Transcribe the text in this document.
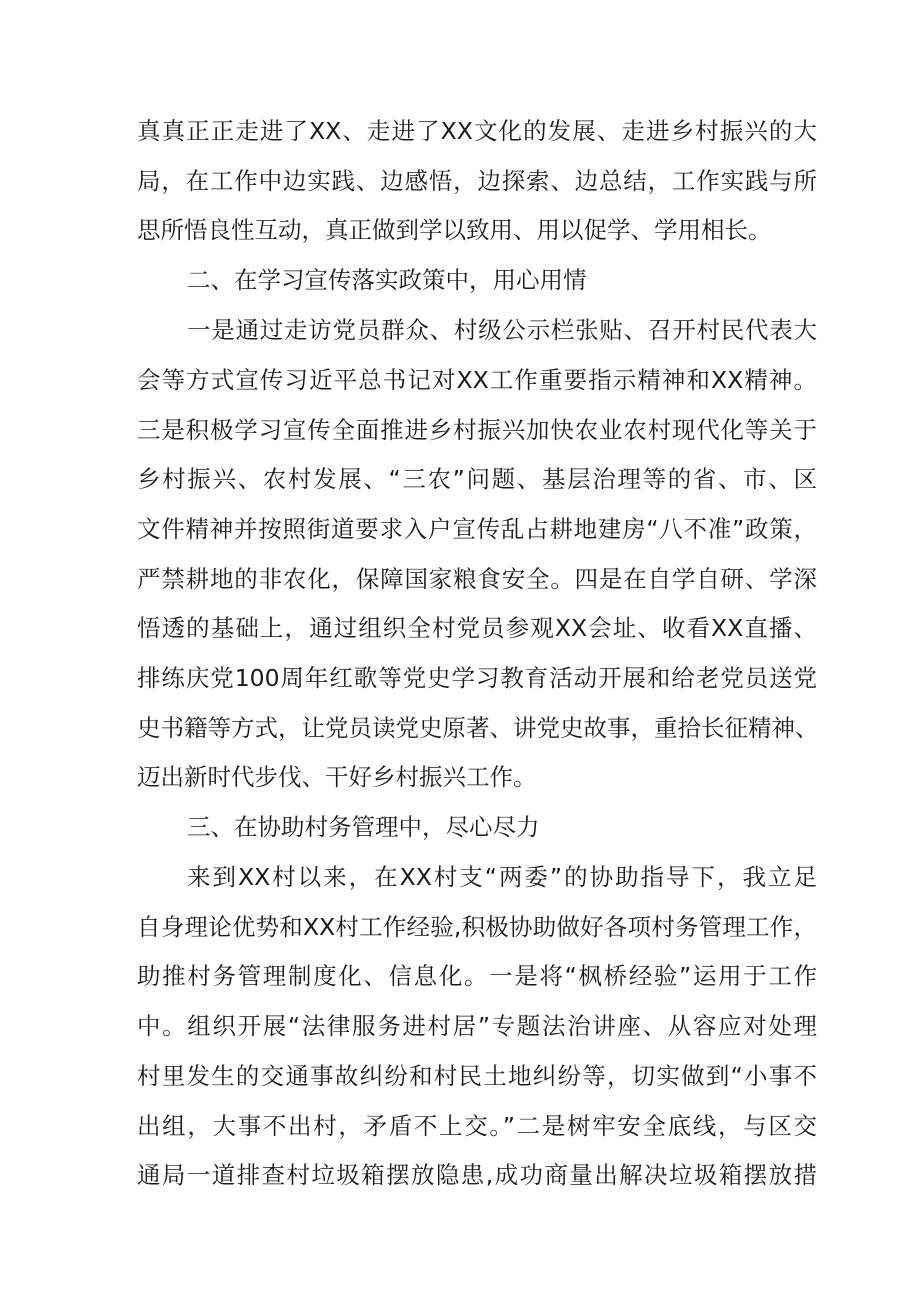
真真正正走进了XX、走进了XX文化的发展、走进乡村振兴的大
局，在工作中边实践、边感悟，边探索、边总结，工作实践与所
思所悟良性互动，真正做到学以致用、用以促学、学用相长。
二、在学习宣传落实政策中，用心用情
一是通过走访党员群众、村级公示栏张贴、召开村民代表大
会等方式宣传习近平总书记对XX工作重要指示精神和XX精神。
三是积极学习宣传全面推进乡村振兴加快农业农村现代化等关于
乡村振兴、农村发展、“三农”问题、基层治理等的省、市、区
文件精神并按照街道要求入户宣传乱占耕地建房“八不准”政策，
严禁耕地的非农化，保障国家粮食安全。四是在自学自研、学深
悟透的基础上，通过组织全村党员参观XX会址、收看XX直播、
排练庆党100周年红歌等党史学习教育活动开展和给老党员送党
史书籍等方式，让党员读党史原著、讲党史故事，重拾长征精神、
迈出新时代步伐、干好乡村振兴工作。
三、在协助村务管理中，尽心尽力
来到XX村以来，在XX村支“两委”的协助指导下，我立足
自身理论优势和XX村工作经验,积极协助做好各项村务管理工作，
助推村务管理制度化、信息化。一是将“枫桥经验”运用于工作
中。组织开展“法律服务进村居”专题法治讲座、从容应对处理
村里发生的交通事故纠纷和村民土地纠纷等，切实做到“小事不
出组，大事不出村，矛盾不上交。”二是树牢安全底线，与区交
通局一道排查村垃圾箱摆放隐患,成功商量出解决垃圾箱摆放措
